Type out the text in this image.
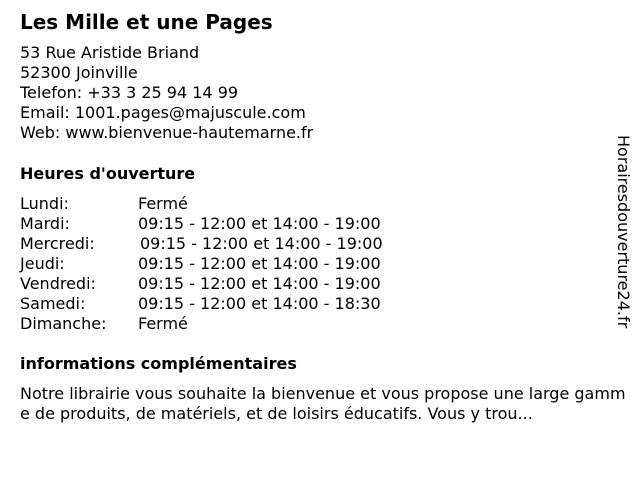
Les Mille et une Pages
53 Rue Aristide Briand
52300 Joinville
Telefon: +33 3 25 94 14 99
Email: 1001.pages@majuscule.com
Web: www.bienvenue-hautemarne.fr
Heures d'ouverture
Lundi:	Fermé
Mardi:	09:15 - 12:00 et 14:00 - 19:00
Mercredi:	09:15 - 12:00 et 14:00 - 19:00
Jeudi:	09:15 - 12:00 et 14:00 - 19:00
Vendredi:	09:15 - 12:00 et 14:00 - 19:00
Samedi:	09:15 - 12:00 et 14:00 - 18:30
Dimanche: Fermé
informations complémentaires

Notre librairie vous souhaite la bienvenue et vous propose une large gamme de produits, de matériels, et de loisirs éducatifs. Vous y trou...

Horairesdouverture24.fr
